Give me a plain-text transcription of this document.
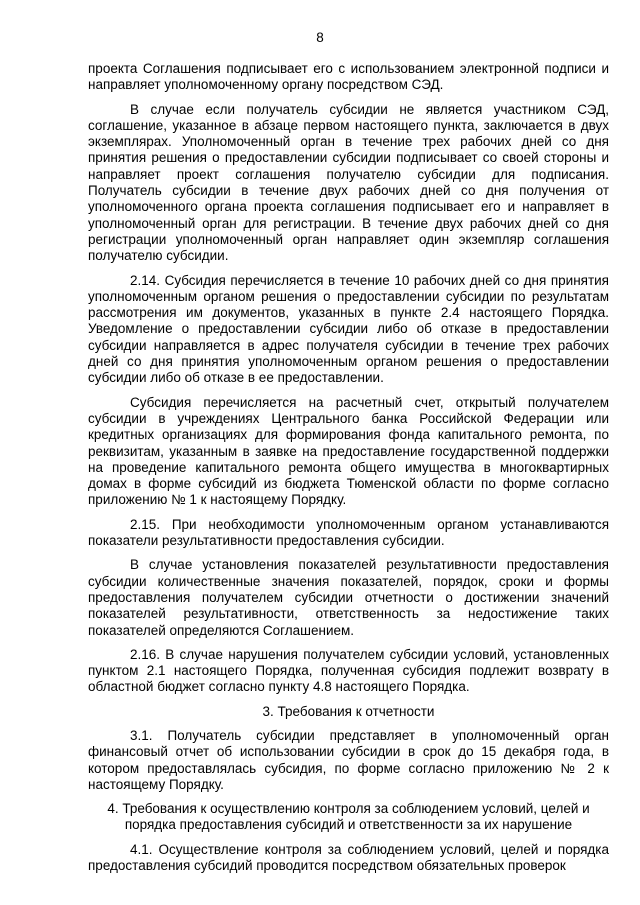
8

проекта Соглашения подписывает его с использованием электронной подписи и направляет уполномоченному органу посредством СЭД.

В случае если получатель субсидии не является участником СЭД, соглашение, указанное в абзаце первом настоящего пункта, заключается в двух экземплярах. Уполномоченный орган в течение трех рабочих дней со дня принятия решения о предоставлении субсидии подписывает со своей стороны и направляет проект соглашения получателю субсидии для подписания. Получатель субсидии в течение двух рабочих дней со дня получения от уполномоченного органа проекта соглашения подписывает его и направляет в уполномоченный орган для регистрации. В течение двух рабочих дней со дня регистрации уполномоченный орган направляет один экземпляр соглашения получателю субсидии.

2.14. Субсидия перечисляется в течение 10 рабочих дней со дня принятия уполномоченным органом решения о предоставлении субсидии по результатам рассмотрения им документов, указанных в пункте 2.4 настоящего Порядка. Уведомление о предоставлении субсидии либо об отказе в предоставлении субсидии направляется в адрес получателя субсидии в течение трех рабочих дней со дня принятия уполномоченным органом решения о предоставлении субсидии либо об отказе в ее предоставлении.

Субсидия перечисляется на расчетный счет, открытый получателем субсидии в учреждениях Центрального банка Российской Федерации или кредитных организациях для формирования фонда капитального ремонта, по реквизитам, указанным в заявке на предоставление государственной поддержки на проведение капитального ремонта общего имущества в многоквартирных домах в форме субсидий из бюджета Тюменской области по форме согласно приложению № 1 к настоящему Порядку.

2.15. При необходимости уполномоченным органом устанавливаются показатели результативности предоставления субсидии.

В случае установления показателей результативности предоставления субсидии количественные значения показателей, порядок, сроки и формы предоставления получателем субсидии отчетности о достижении значений показателей результативности, ответственность за недостижение таких показателей определяются Соглашением.

2.16. В случае нарушения получателем субсидии условий, установленных пунктом 2.1 настоящего Порядка, полученная субсидия подлежит возврату в областной бюджет согласно пункту 4.8 настоящего Порядка.

3. Требования к отчетности

3.1. Получатель субсидии представляет в уполномоченный орган финансовый отчет об использовании субсидии в срок до 15 декабря года, в котором предоставлялась субсидия, по форме согласно приложению № 2 к настоящему Порядку.

4. Требования к осуществлению контроля за соблюдением условий, целей и порядка предоставления субсидий и ответственности за их нарушение

4.1. Осуществление контроля за соблюдением условий, целей и порядка предоставления субсидий проводится посредством обязательных проверок
